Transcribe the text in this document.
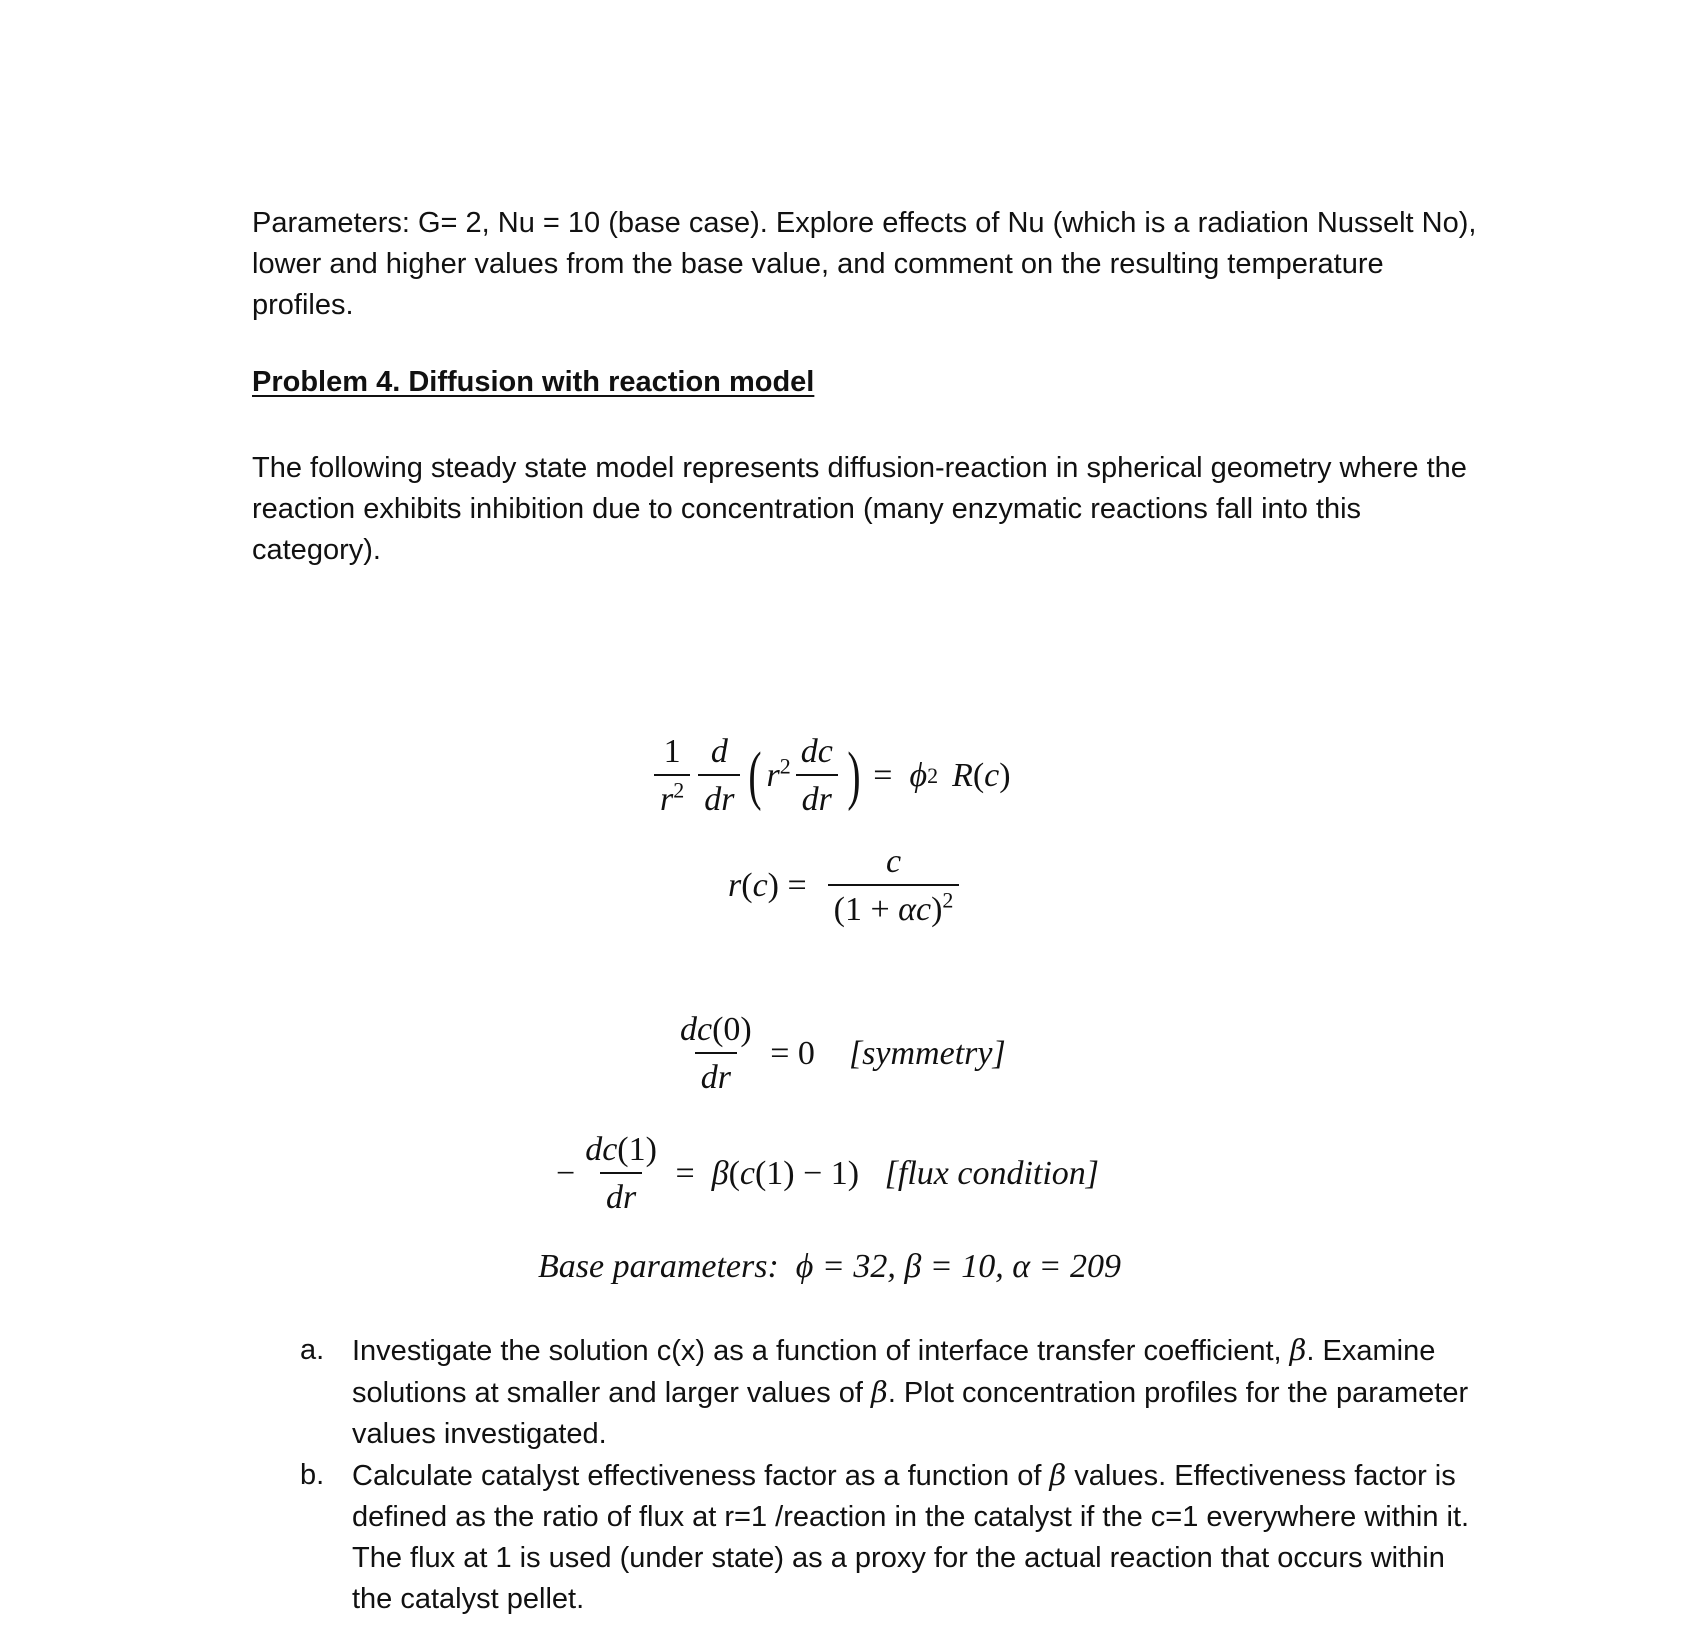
Parameters: G= 2, Nu = 10 (base case). Explore effects of Nu (which is a radiation Nusselt No), lower and higher values from the base value, and comment on the resulting temperature profiles.

Problem 4. Diffusion with reaction model

The following steady state model represents diffusion-reaction in spherical geometry where the reaction exhibits inhibition due to concentration (many enzymatic reactions fall into this category).

$\frac{1}{r^2} \frac{d}{dr}$ ( $r^2 \frac{dc}{dr}$ ) = ϕ 2 R ( c )
r ( c ) = $\frac{c}{(1 + \alpha c)^2}$
$\frac{dc(0)}{dr} = 0$ [symmetry]
− $\frac{dc(1)}{dr} = \beta$ ( c (1) − 1) [flux condition]
Base parameters:
ϕ = 32, β = 10, α = 209
a. Investigate the solution c(x) as a function of interface transfer coefficient, β. Examine solutions at smaller and larger values of β. Plot concentration profiles for the parameter values investigated.
b. Calculate catalyst effectiveness factor as a function of β values. Effectiveness factor is defined as the ratio of flux at r=1 /reaction in the catalyst if the c=1 everywhere within it. The flux at 1 is used (under state) as a proxy for the actual reaction that occurs within the catalyst pellet.
